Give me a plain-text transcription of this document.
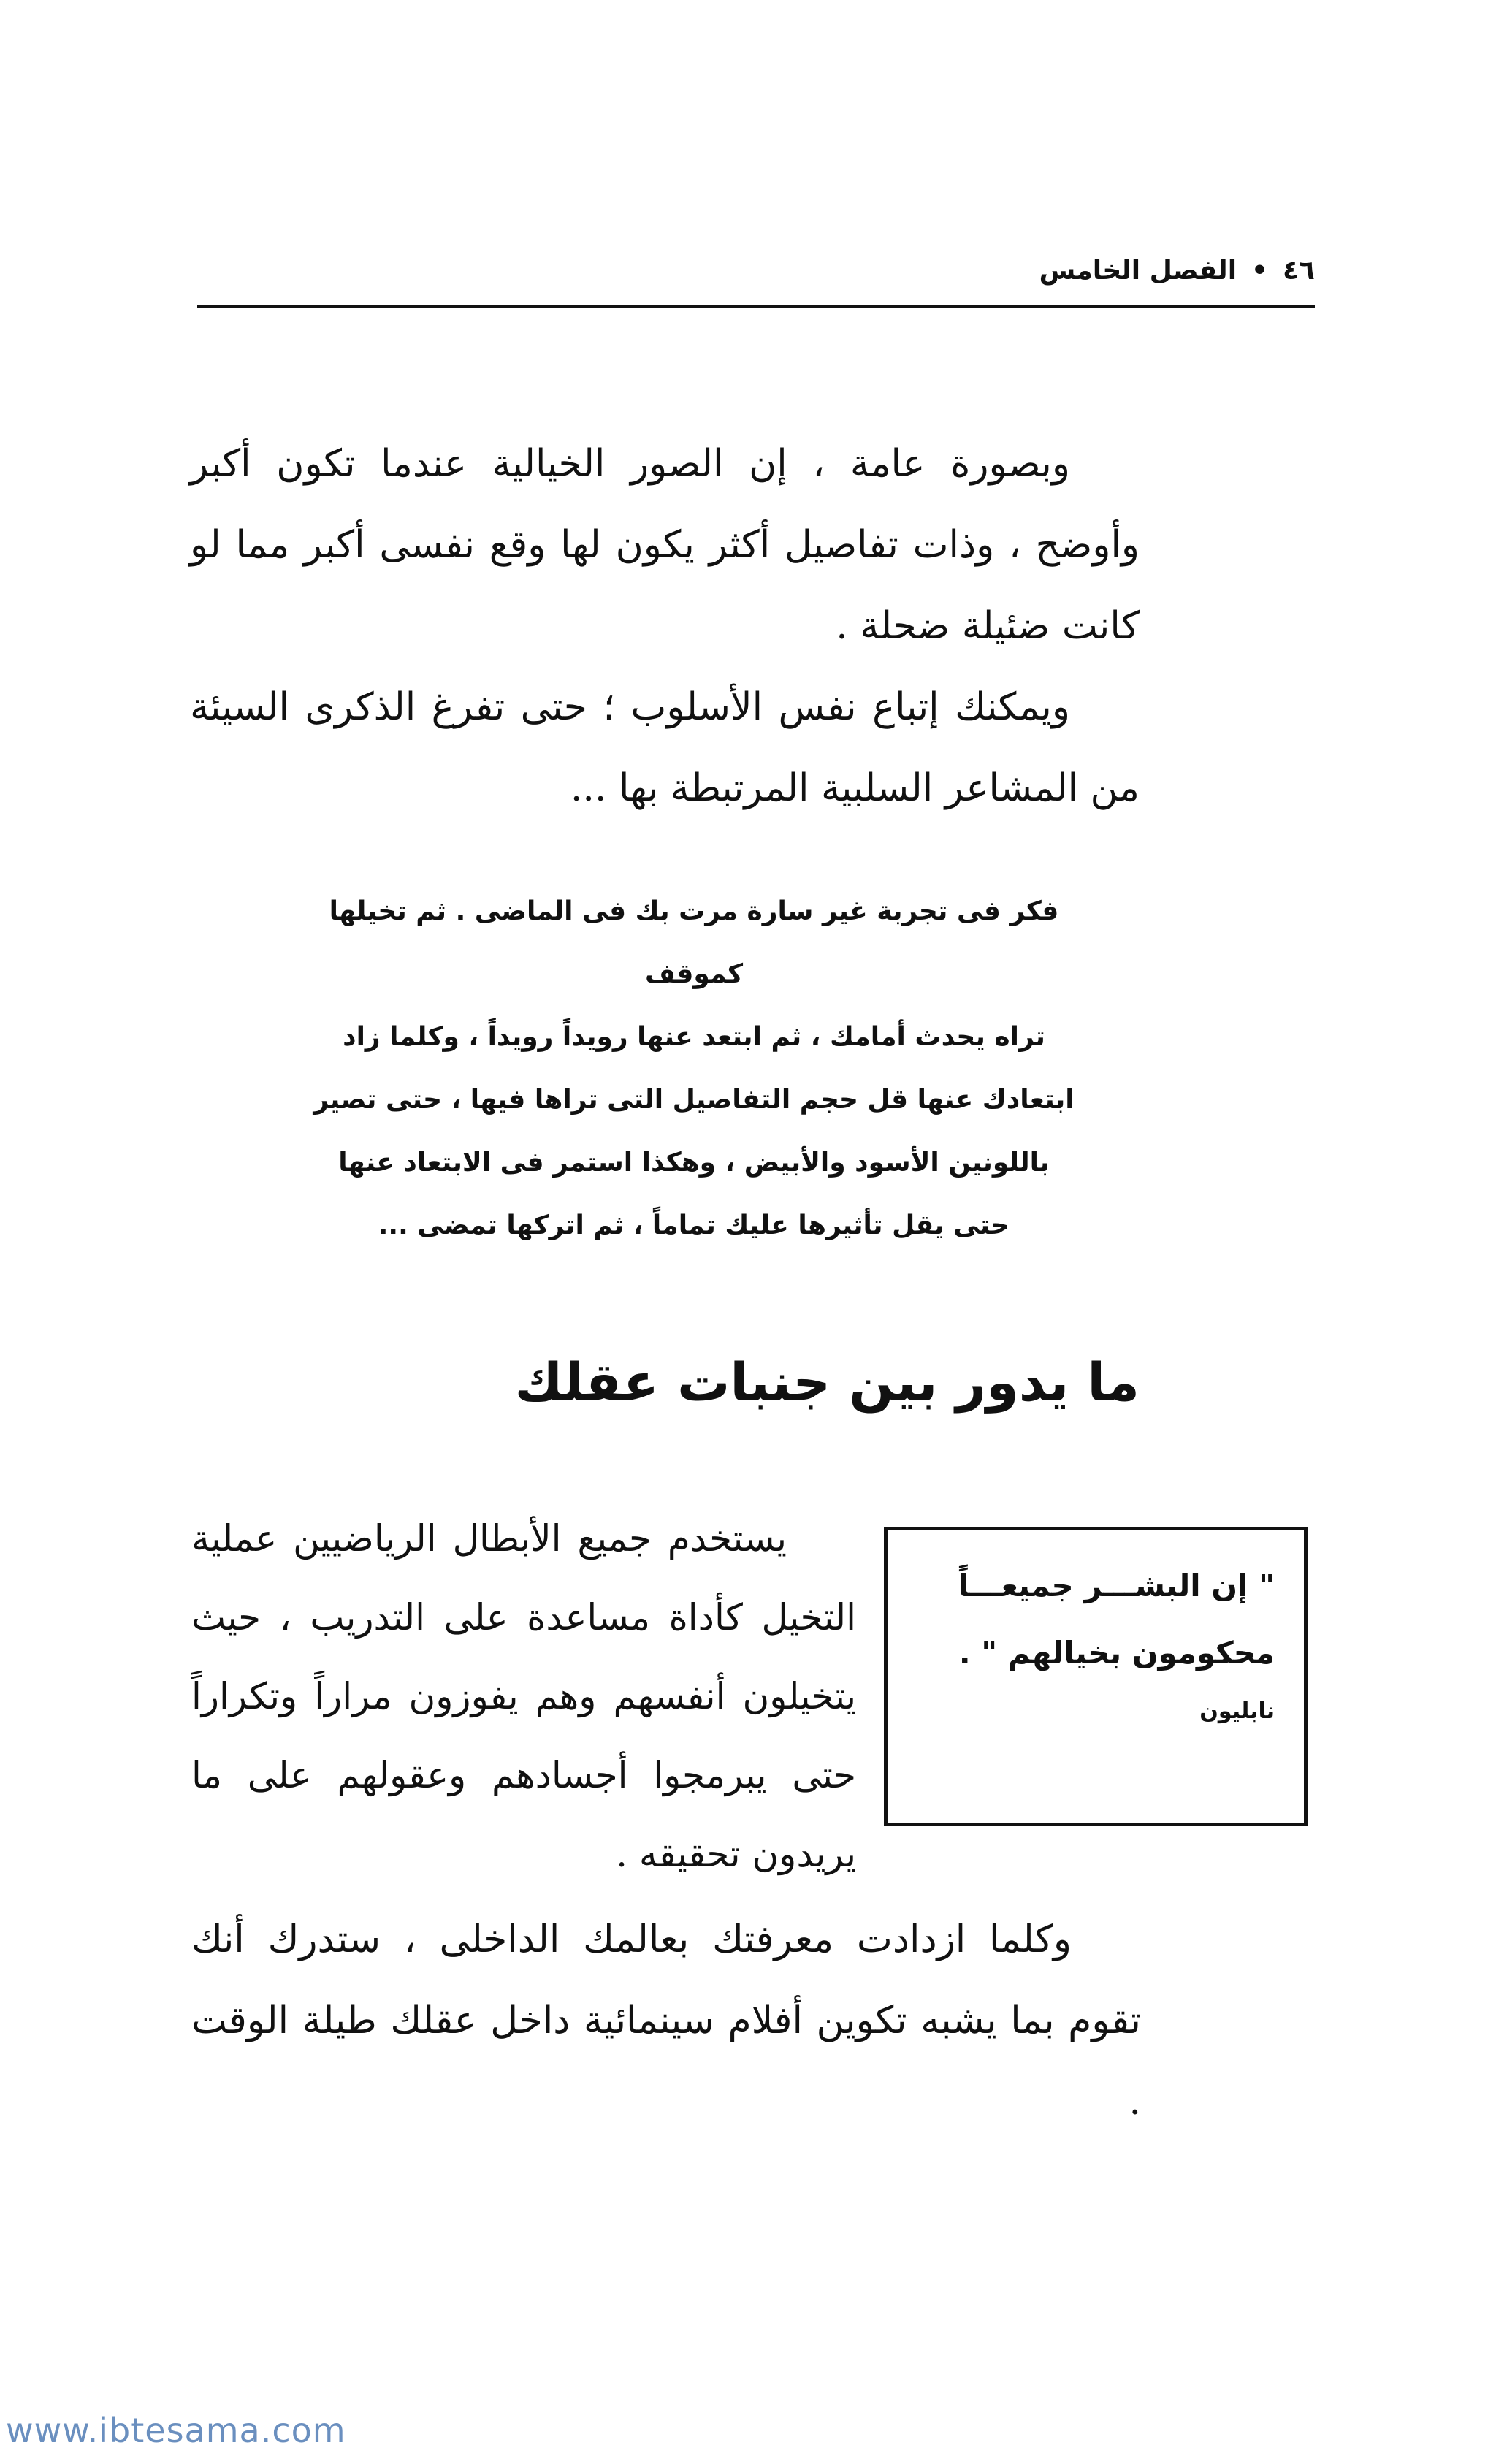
٤٦
•
الفصل الخامس

وبصورة عامة ، إن الصور الخيالية عندما تكون أكبر وأوضح ، وذات تفاصيل أكثر يكون لها وقع نفسى أكبر مما لو كانت ضئيلة ضحلة .

ويمكنك إتباع نفس الأسلوب ؛ حتى تفرغ الذكرى السيئة من المشاعر السلبية المرتبطة بها ...

فكر فى تجربة غير سارة مرت بك فى الماضى . ثم تخيلها كموقف
تراه يحدث أمامك ، ثم ابتعد عنها رويداً رويداً ، وكلما زاد
ابتعادك عنها قل حجم التفاصيل التى تراها فيها ، حتى تصير
باللونين الأسود والأبيض ، وهكذا استمر فى الابتعاد عنها
حتى يقل تأثيرها عليك تماماً ، ثم اتركها تمضى ...
ما يدور بين جنبات عقلك

" إن البشـــر جميعـــاً محكومون بخيالهم " .

نابليون

يستخدم جميع الأبطال الرياضيين عملية التخيل كأداة مساعدة على التدريب ، حيث يتخيلون أنفسهم وهم يفوزون مراراً وتكراراً حتى يبرمجوا أجسادهم وعقولهم على ما يريدون تحقيقه .

وكلما ازدادت معرفتك بعالمك الداخلى ، ستدرك أنك تقوم بما يشبه تكوين أفلام سينمائية داخل عقلك طيلة الوقت .

www.ibtesama.com
